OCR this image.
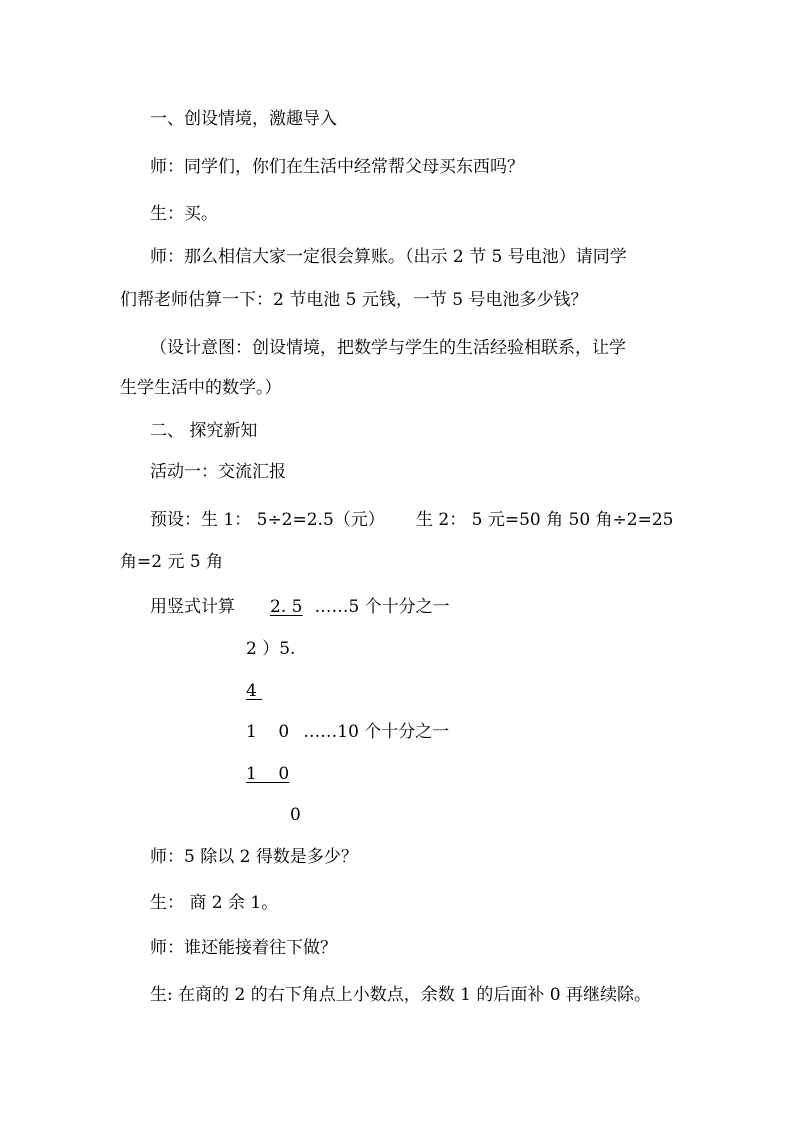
一、创设情境，激趣导入
师：同学们，你们在生活中经常帮父母买东西吗？
生：买。
师：那么相信大家一定很会算账。（出示 2 节 5 号电池）请同学
们帮老师估算一下：2 节电池 5 元钱，一节 5 号电池多少钱？
（设计意图：创设情境，把数学与学生的生活经验相联系，让学
生学生活中的数学。）
二、 探究新知
活动一：交流汇报
预设：生 1： 5÷2=2.5（元） 生 2： 5 元=50 角 50 角÷2=25
角=2 元 5 角
用竖式计算 2. 5 ……5 个十分之一
2 ）5.
4
1    0 ……10 个十分之一
1    0
0
师：5 除以 2 得数是多少？
生： 商 2 余 1。
师：谁还能接着往下做？
生: 在商的 2 的右下角点上小数点，余数 1 的后面补 0 再继续除。
